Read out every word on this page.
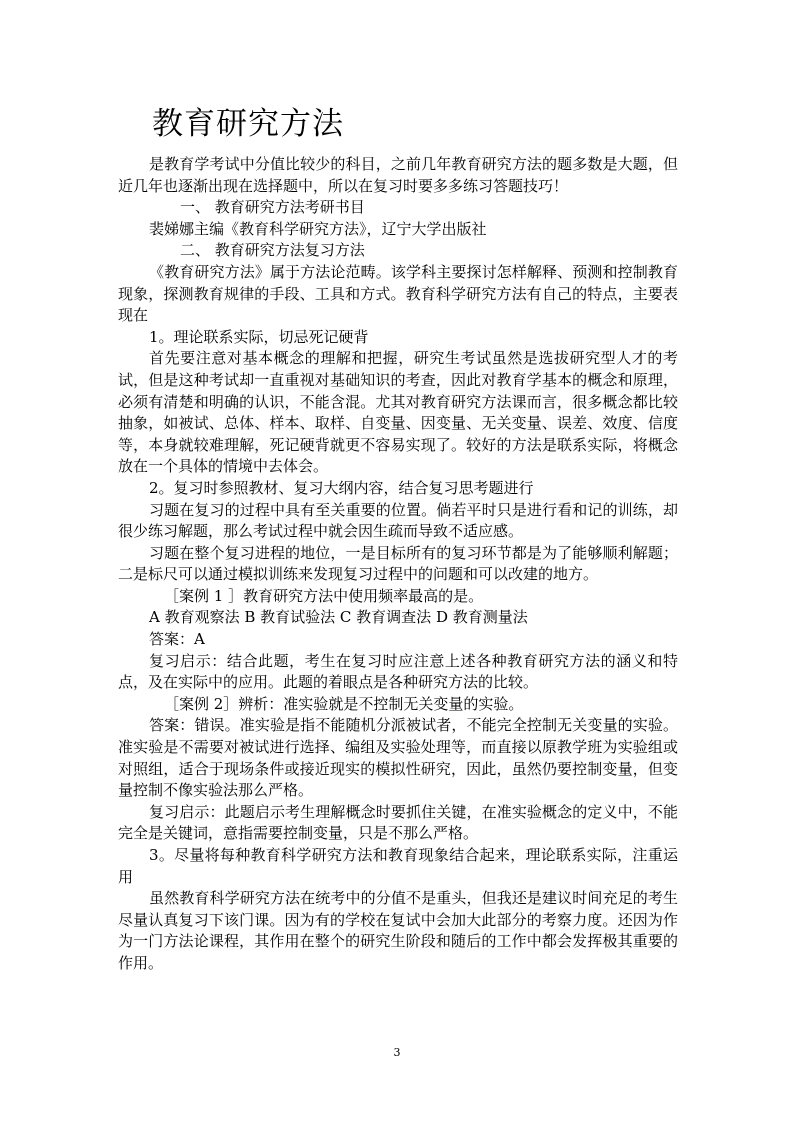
教育研究方法

是教育学考试中分值比较少的科目，之前几年教育研究方法的题多数是大题，但近几年也逐渐出现在选择题中，所以在复习时要多多练习答题技巧！

一、 教育研究方法考研书目

裴娣娜主编《教育科学研究方法》，辽宁大学出版社

二、 教育研究方法复习方法

《教育研究方法》属于方法论范畴。该学科主要探讨怎样解释、预测和控制教育现象，探测教育规律的手段、工具和方式。教育科学研究方法有自己的特点，主要表现在

1。理论联系实际，切忌死记硬背

首先要注意对基本概念的理解和把握，研究生考试虽然是选拔研究型人才的考试，但是这种考试却一直重视对基础知识的考查，因此对教育学基本的概念和原理，必须有清楚和明确的认识，不能含混。尤其对教育研究方法课而言，很多概念都比较抽象，如被试、总体、样本、取样、自变量、因变量、无关变量、误差、效度、信度等，本身就较难理解，死记硬背就更不容易实现了。较好的方法是联系实际，将概念放在一个具体的情境中去体会。

2。复习时参照教材、复习大纲内容，结合复习思考题进行

习题在复习的过程中具有至关重要的位置。倘若平时只是进行看和记的训练，却很少练习解题，那么考试过程中就会因生疏而导致不适应感。

习题在整个复习进程的地位，一是目标所有的复习环节都是为了能够顺利解题；二是标尺可以通过模拟训练来发现复习过程中的问题和可以改建的地方。

［案例 1 ］教育研究方法中使用频率最高的是。

A 教育观察法 B 教育试验法 C 教育调查法 D 教育测量法

答案：A

复习启示：结合此题，考生在复习时应注意上述各种教育研究方法的涵义和特点，及在实际中的应用。此题的着眼点是各种研究方法的比较。

［案例 2］辨析：准实验就是不控制无关变量的实验。

答案：错误。准实验是指不能随机分派被试者，不能完全控制无关变量的实验。准实验是不需要对被试进行选择、编组及实验处理等，而直接以原教学班为实验组或对照组，适合于现场条件或接近现实的模拟性研究，因此，虽然仍要控制变量，但变量控制不像实验法那么严格。

复习启示：此题启示考生理解概念时要抓住关键，在准实验概念的定义中，不能完全是关键词，意指需要控制变量，只是不那么严格。

3。尽量将每种教育科学研究方法和教育现象结合起来，理论联系实际，注重运用

虽然教育科学研究方法在统考中的分值不是重头，但我还是建议时间充足的考生尽量认真复习下该门课。因为有的学校在复试中会加大此部分的考察力度。还因为作为一门方法论课程，其作用在整个的研究生阶段和随后的工作中都会发挥极其重要的作用。

3
